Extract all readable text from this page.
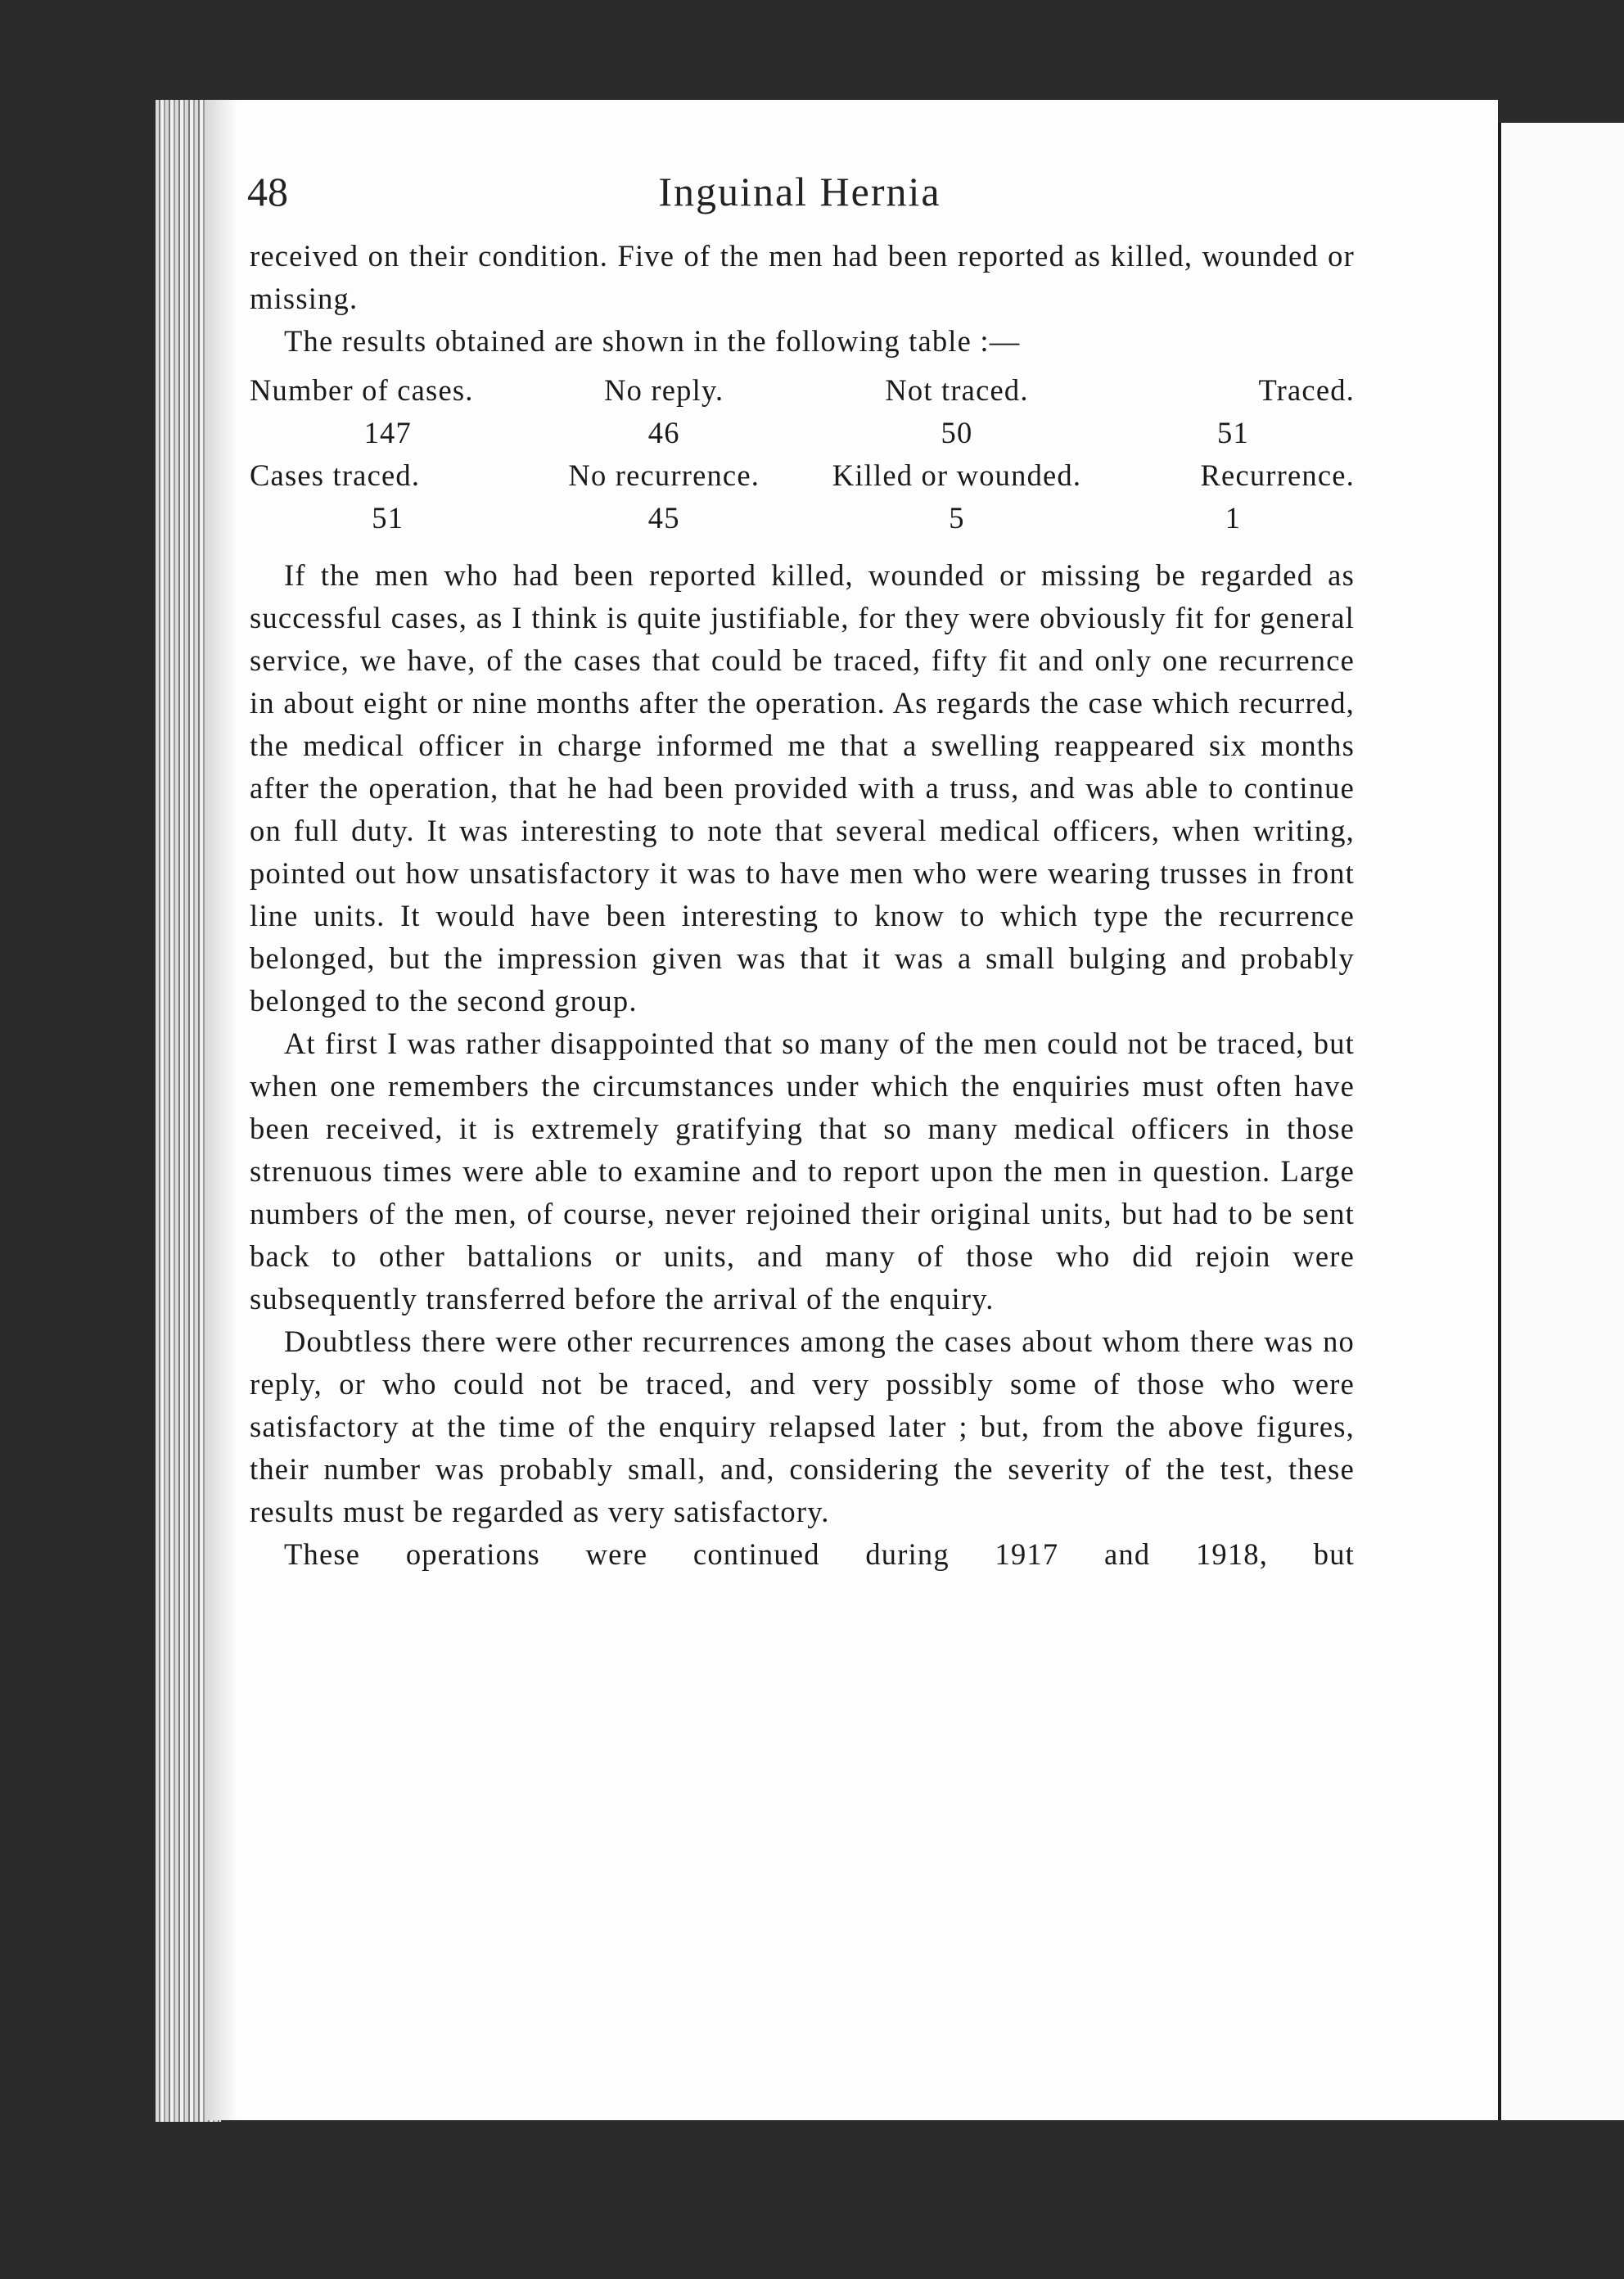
48	Inguinal Hernia

received on their condition. Five of the men had been reported as killed, wounded or missing.

The results obtained are shown in the following table :—

Number of cases.	No reply.	Not traced.	Traced.
147	46	50	51
Cases traced.	No recurrence.	Killed or wounded.	Recurrence.
51	45	5	1

If the men who had been reported killed, wounded or missing be regarded as successful cases, as I think is quite justifiable, for they were obviously fit for general service, we have, of the cases that could be traced, fifty fit and only one recurrence in about eight or nine months after the operation. As regards the case which recurred, the medical officer in charge informed me that a swelling reappeared six months after the operation, that he had been provided with a truss, and was able to continue on full duty. It was interesting to note that several medical officers, when writing, pointed out how unsatisfactory it was to have men who were wearing trusses in front line units. It would have been interesting to know to which type the recurrence belonged, but the impression given was that it was a small bulging and probably belonged to the second group.

At first I was rather disappointed that so many of the men could not be traced, but when one remembers the circumstances under which the enquiries must often have been received, it is extremely gratifying that so many medical officers in those strenuous times were able to examine and to report upon the men in question. Large numbers of the men, of course, never rejoined their original units, but had to be sent back to other battalions or units, and many of those who did rejoin were subsequently transferred before the arrival of the enquiry.

Doubtless there were other recurrences among the cases about whom there was no reply, or who could not be traced, and very possibly some of those who were satisfactory at the time of the enquiry relapsed later ; but, from the above figures, their number was probably small, and, considering the severity of the test, these results must be regarded as very satisfactory.

These operations were continued during 1917 and 1918, but
